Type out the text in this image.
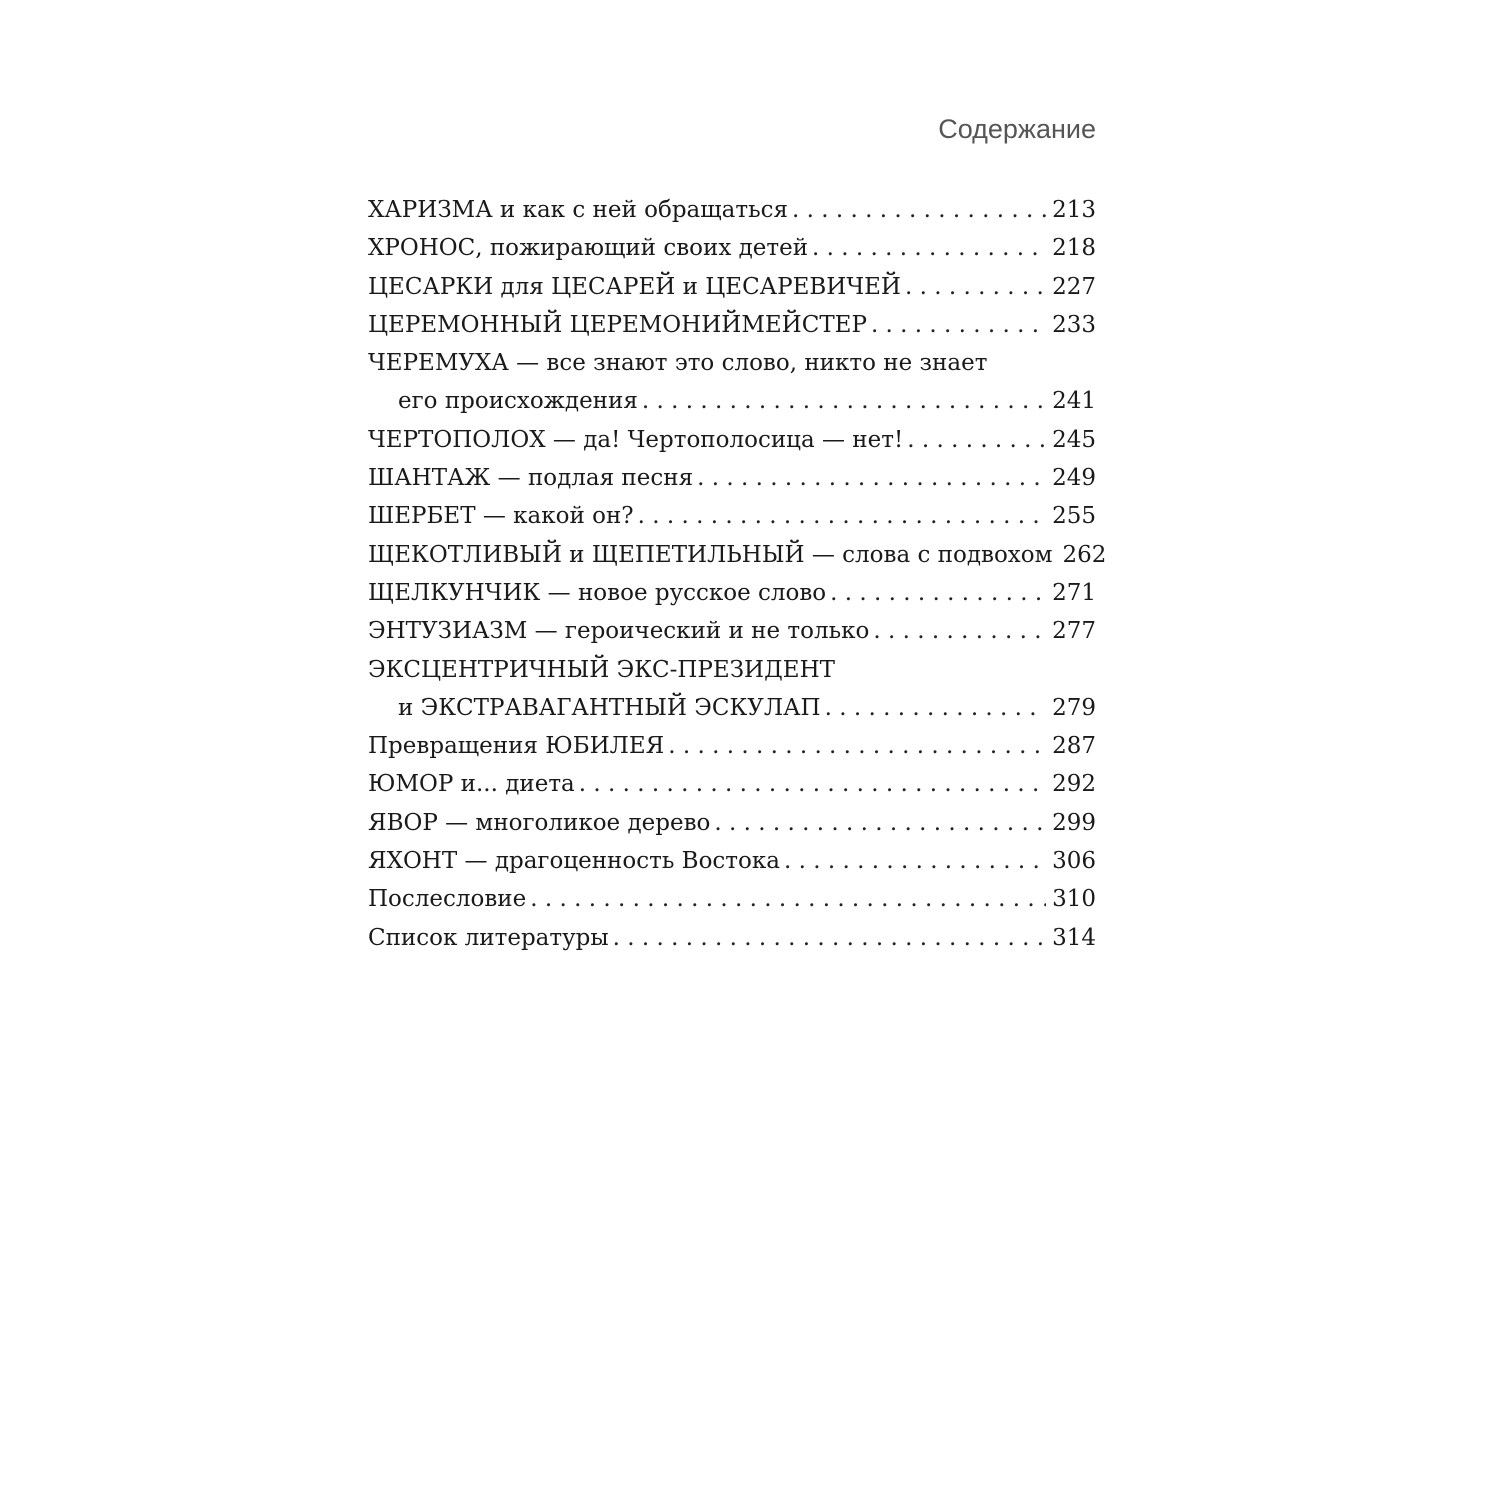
Содержание
ХАРИЗМА и как с ней обращаться . . .	213
ХРОНОС, пожирающий своих детей . . .	218
ЦЕСАРКИ для ЦЕСАРЕЙ и ЦЕСАРЕВИЧЕЙ . . .	227
ЦЕРЕМОННЫЙ ЦЕРЕМОНИЙМЕЙСТЕР . . .	233
ЧЕРЕМУХА — все знают это слово, никто не знает
его происхождения . . .	241
ЧЕРТОПОЛОХ — да! Чертополосица — нет! . . .	245
ШАНТАЖ — подлая песня . . .	249
ШЕРБЕТ — какой он? . . .	255
ЩЕКОТЛИВЫЙ и ЩЕПЕТИЛЬНЫЙ — слова с подвохом 262
ЩЕЛКУНЧИК — новое русское слово . . .	271
ЭНТУЗИАЗМ — героический и не только . . .	277
ЭКСЦЕНТРИЧНЫЙ ЭКС-ПРЕЗИДЕНТ
и ЭКСТРАВАГАНТНЫЙ ЭСКУЛАП . . .	279
Превращения ЮБИЛЕЯ . . .	287
ЮМОР и... диета . . .	292
ЯВОР — многоликое дерево . . .	299
ЯХОНТ — драгоценность Востока . . .	306
Послесловие . . .	310
Список литературы . . .	314
